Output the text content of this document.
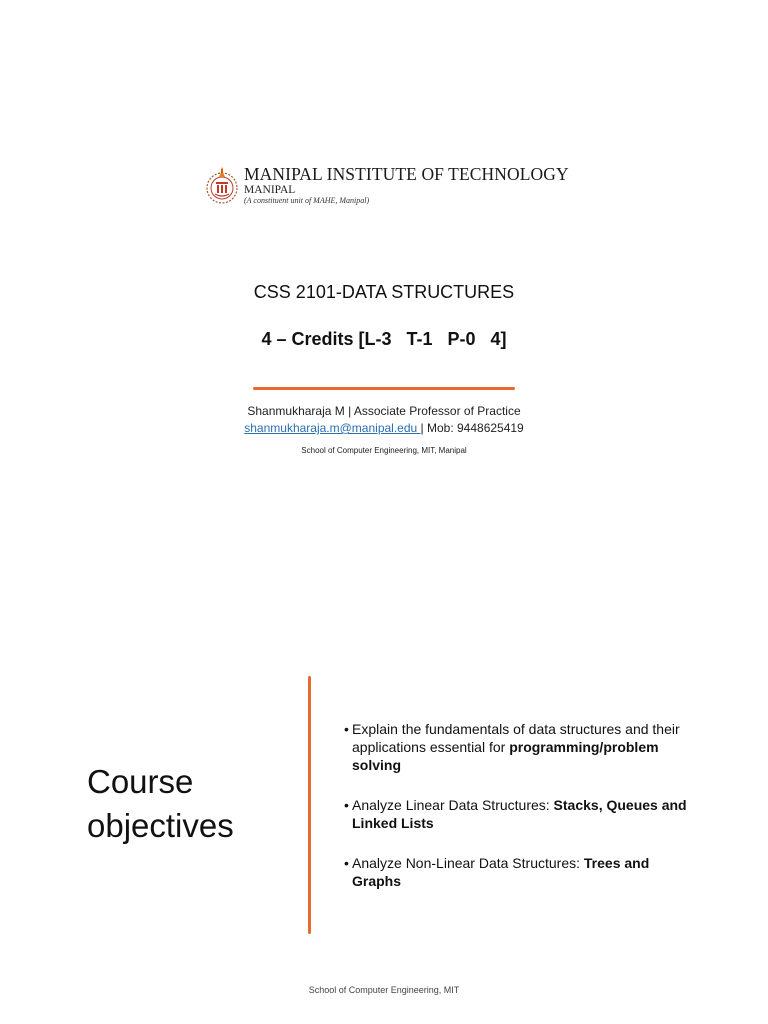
MANIPAL INSTITUTE OF TECHNOLOGY
MANIPAL
(A constituent unit of MAHE, Manipal)
CSS 2101-DATA STRUCTURES
4 – Credits [L-3   T-1   P-0   4]
Shanmukharaja M | Associate Professor of Practice
shanmukharaja.m@manipal.edu | Mob: 9448625419
School of Computer Engineering, MIT, Manipal
Course objectives
• Explain the fundamentals of data structures and their applications essential for programming/problem solving
• Analyze Linear Data Structures: Stacks, Queues and Linked Lists
• Analyze Non-Linear Data Structures: Trees and Graphs
School of Computer Engineering, MIT
